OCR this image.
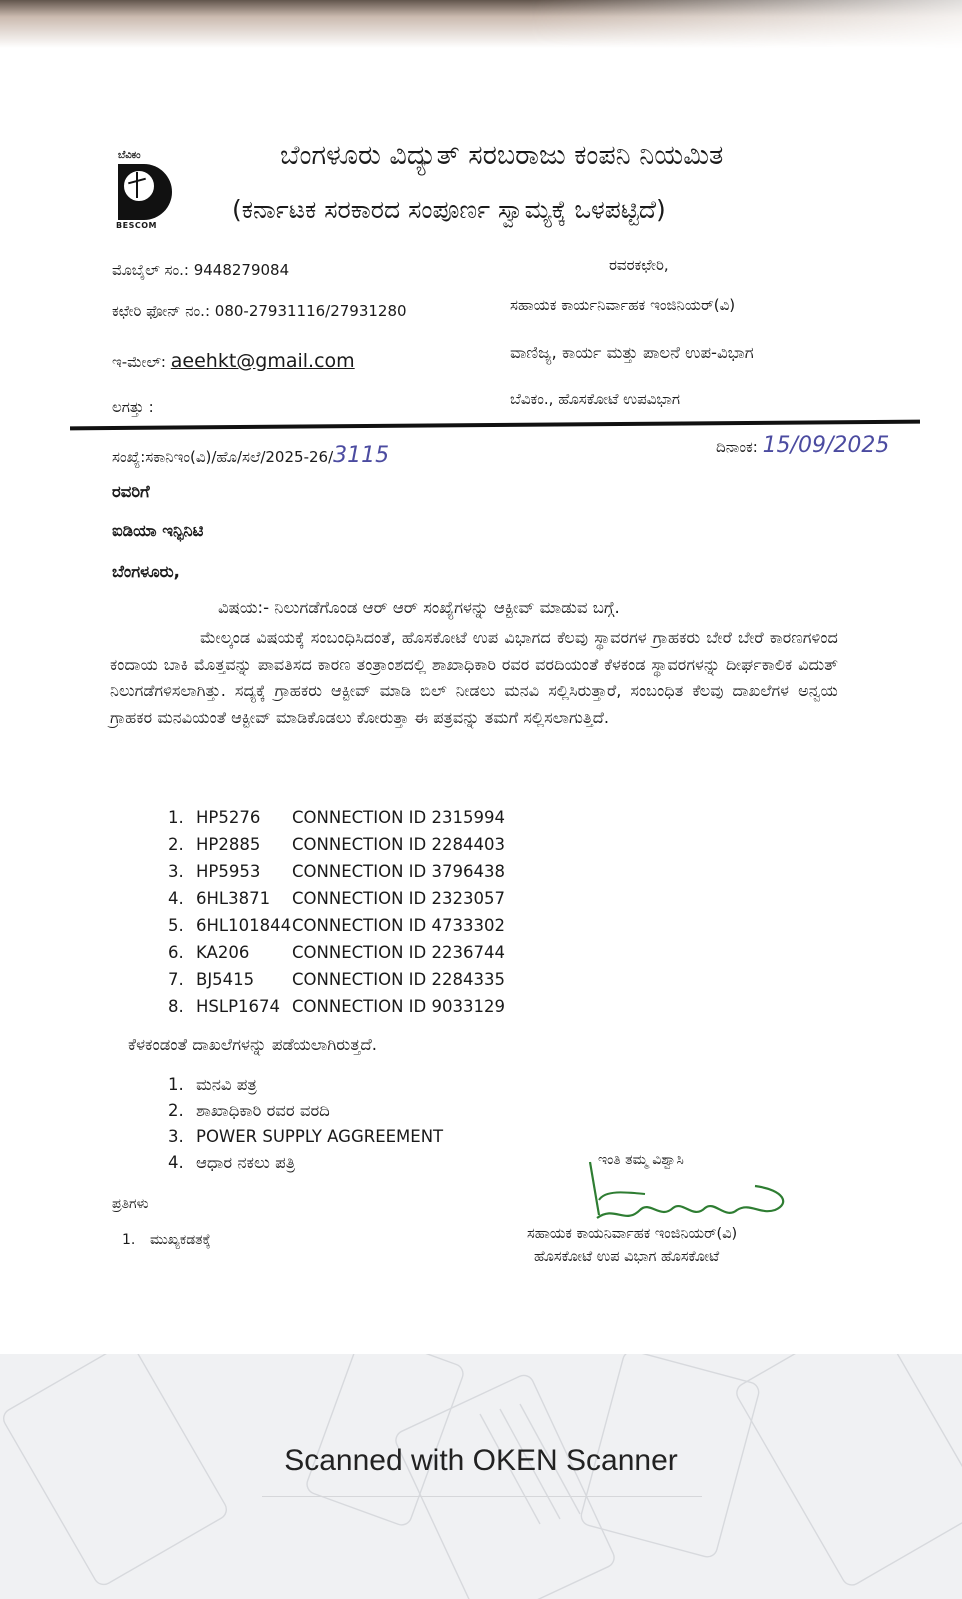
ಬೆವಿಕಂ
BESCOM
ಬೆಂಗಳೂರು ವಿದ್ಯುತ್ ಸರಬರಾಜು ಕಂಪನಿ ನಿಯಮಿತ
(ಕರ್ನಾಟಕ ಸರಕಾರದ ಸಂಪೂರ್ಣ ಸ್ವಾಮ್ಯಕ್ಕೆ ಒಳಪಟ್ಟಿದೆ)
ಮೊಬೈಲ್ ಸಂ.: 9448279084
ಕಛೇರಿ ಫೋನ್ ನಂ.: 080-27931116/27931280
ಇ-ಮೇಲ್: aeehkt@gmail.com
ಲಗತ್ತು :
ರವರಕಛೇರಿ,
ಸಹಾಯಕ ಕಾರ್ಯನಿರ್ವಾಹಕ ಇಂಜಿನಿಯರ್(ವಿ)
ವಾಣಿಜ್ಯ, ಕಾರ್ಯ ಮತ್ತು ಪಾಲನೆ ಉಪ-ವಿಭಾಗ
ಬೆವಿಕಂ., ಹೊಸಕೋಟೆ ಉಪವಿಭಾಗ
ಸಂಖ್ಯೆ:ಸಕಾನಿಇಂ(ವಿ)/ಹೊ/ಸಲೆ/2025-26/3115	ದಿನಾಂಕ: 15/09/2025
ರವರಿಗೆ
ಐಡಿಯಾ ಇನ್ಫಿನಿಟಿ
ಬೆಂಗಳೂರು,
ವಿಷಯ:- ನಿಲುಗಡೆಗೊಂಡ ಆರ್ ಆರ್ ಸಂಖ್ಯೆಗಳನ್ನು ಆಕ್ಟೀವ್ ಮಾಡುವ ಬಗ್ಗೆ.
ಮೇಲ್ಕಂಡ ವಿಷಯಕ್ಕೆ ಸಂಬಂಧಿಸಿದಂತೆ, ಹೊಸಕೋಟೆ ಉಪ ವಿಭಾಗದ ಕೆಲವು ಸ್ಥಾವರಗಳ ಗ್ರಾಹಕರು ಬೇರೆ ಬೇರೆ ಕಾರಣಗಳಿಂದ ಕಂದಾಯ ಬಾಕಿ ಮೊತ್ತವನ್ನು ಪಾವತಿಸದ ಕಾರಣ ತಂತ್ರಾಂಶದಲ್ಲಿ ಶಾಖಾಧಿಕಾರಿ ರವರ ವರದಿಯಂತೆ ಕೆಳಕಂಡ ಸ್ಥಾವರಗಳನ್ನು ದೀರ್ಘಕಾಲಿಕ ವಿದುತ್ ನಿಲುಗಡೆಗಳಿಸಲಾಗಿತ್ತು. ಸದ್ಯಕ್ಕೆ ಗ್ರಾಹಕರು ಆಕ್ಟೀವ್ ಮಾಡಿ ಬಿಲ್ ನೀಡಲು ಮನವಿ ಸಲ್ಲಿಸಿರುತ್ತಾರೆ, ಸಂಬಂಧಿತ ಕೆಲವು ದಾಖಲೆಗಳ ಅನ್ವಯ ಗ್ರಾಹಕರ ಮನವಿಯಂತೆ ಆಕ್ಟೀವ್ ಮಾಡಿಕೊಡಲು ಕೋರುತ್ತಾ ಈ ಪತ್ರವನ್ನು ತಮಗೆ ಸಲ್ಲಿಸಲಾಗುತ್ತಿದೆ.
1. HP5276	CONNECTION ID 2315994
2. HP2885	CONNECTION ID 2284403
3. HP5953	CONNECTION ID 3796438
4. 6HL3871	CONNECTION ID 2323057
5. 6HL101844 CONNECTION ID 4733302
6. KA206	CONNECTION ID 2236744
7. BJ5415	CONNECTION ID 2284335
8. HSLP1674 CONNECTION ID 9033129
ಕೆಳಕಂಡಂತೆ ದಾಖಲೆಗಳನ್ನು ಪಡೆಯಲಾಗಿರುತ್ತದೆ.
1. ಮನವಿ ಪತ್ರ
2. ಶಾಖಾಧಿಕಾರಿ ರವರ ವರದಿ
3. POWER SUPPLY AGGREEMENT
4. ಆಧಾರ ನಕಲು ಪತ್ರಿ
ಪ್ರತಿಗಳು
1. ಮುಖ್ಯಕಡತಕ್ಕೆ
ಇಂತಿ ತಮ್ಮ ವಿಶ್ವಾಸಿ
ಸಹಾಯಕ ಕಾಯನಿರ್ವಾಹಕ ಇಂಜಿನಿಯರ್(ವಿ)
ಹೊಸಕೋಟೆ ಉಪ ವಿಭಾಗ ಹೊಸಕೋಟೆ
Scanned with OKEN Scanner
